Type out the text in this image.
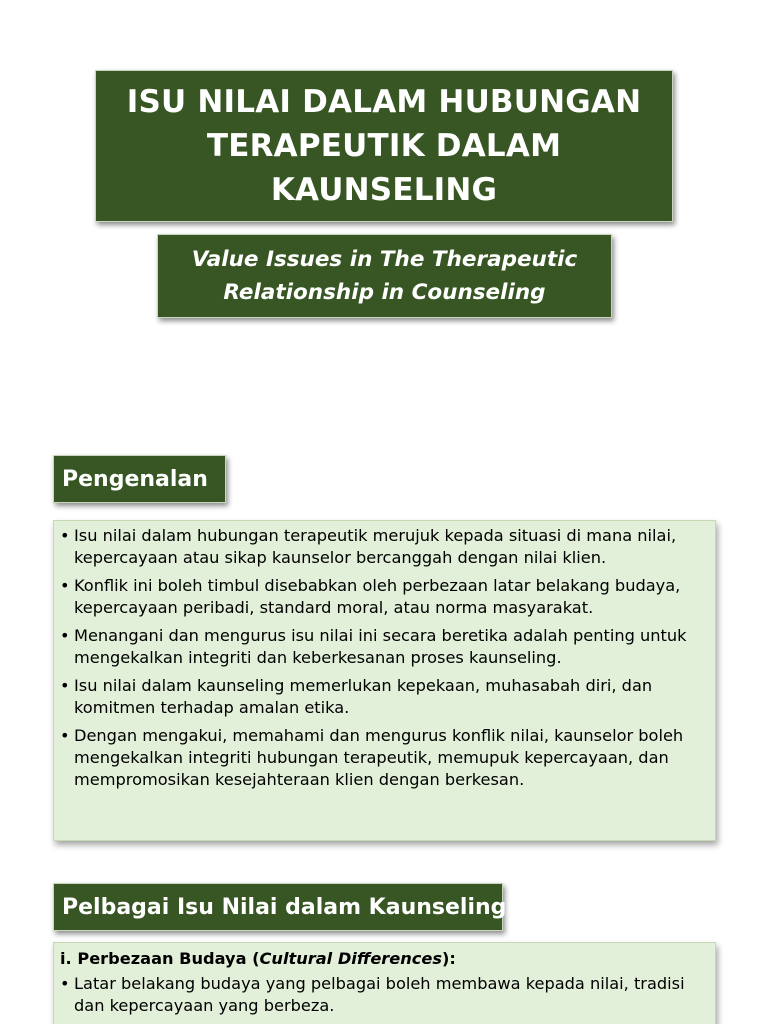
ISU NILAI DALAM HUBUNGAN
TERAPEUTIK DALAM
KAUNSELING
Value Issues in The Therapeutic
Relationship in Counseling
Pengenalan
• Isu nilai dalam hubungan terapeutik merujuk kepada situasi di mana nilai, kepercayaan atau sikap kaunselor bercanggah dengan nilai klien.
• Konflik ini boleh timbul disebabkan oleh perbezaan latar belakang budaya, kepercayaan peribadi, standard moral, atau norma masyarakat.
• Menangani dan mengurus isu nilai ini secara beretika adalah penting untuk mengekalkan integriti dan keberkesanan proses kaunseling.
• Isu nilai dalam kaunseling memerlukan kepekaan, muhasabah diri, dan komitmen terhadap amalan etika.
• Dengan mengakui, memahami dan mengurus konflik nilai, kaunselor boleh mengekalkan integriti hubungan terapeutik, memupuk kepercayaan, dan mempromosikan kesejahteraan klien dengan berkesan.
Pelbagai Isu Nilai dalam Kaunseling
i. Perbezaan Budaya (Cultural Differences):
• Latar belakang budaya yang pelbagai boleh membawa kepada nilai, tradisi dan kepercayaan yang berbeza.
